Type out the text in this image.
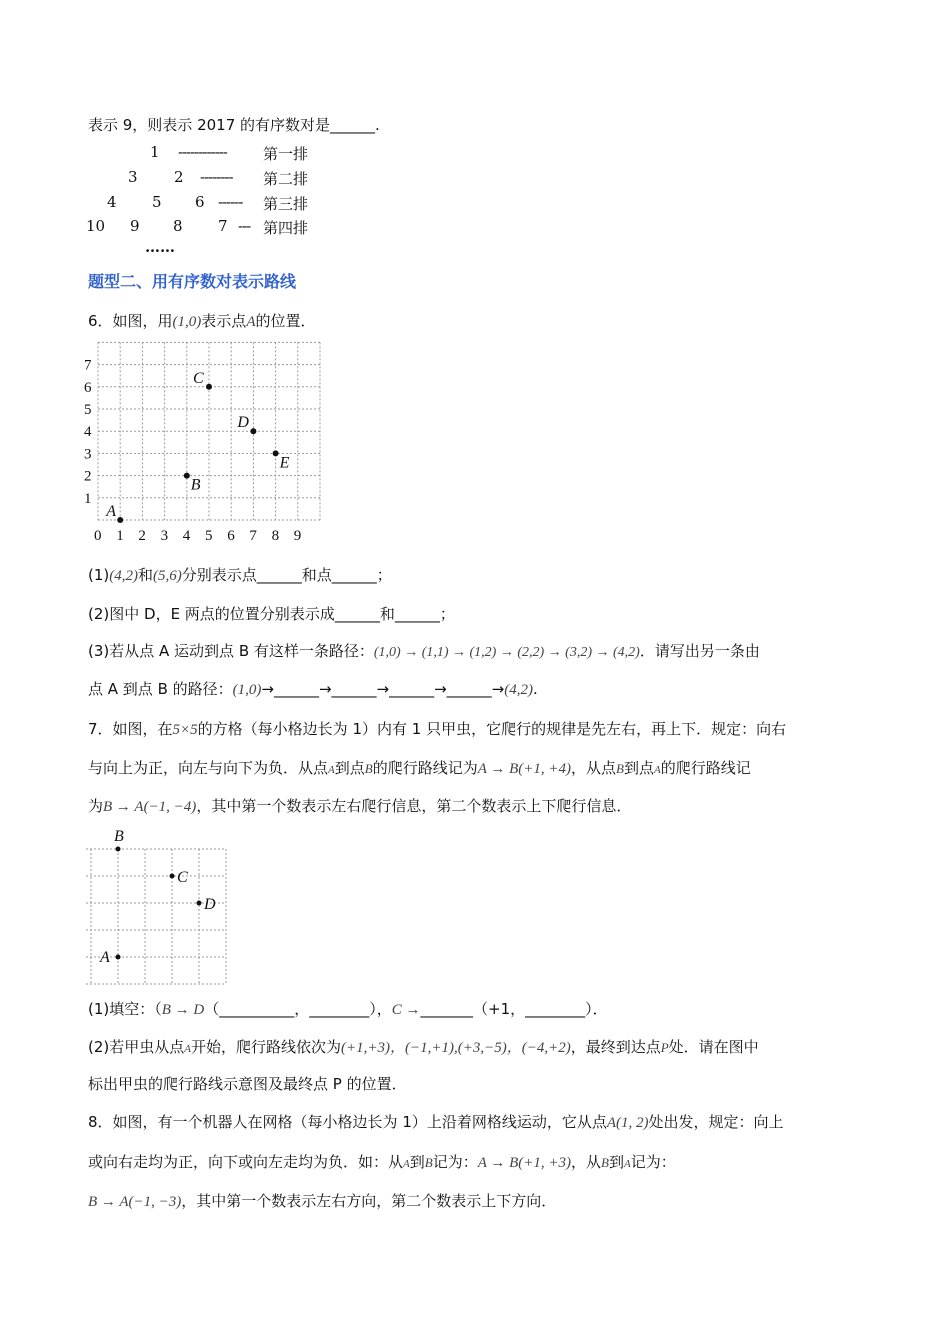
表示 9，则表示 2017 的有序数对是______.
1 ------------ 第一排
3 2 -------- 第二排
4 5 6 ------ 第三排
10 9 8 7 --- 第四排
……
题型二、用有序数对表示路线
6．如图，用(1,0)表示点A的位置．
0 1 2 3 4 5 6 7 8 9
1
2
3
4
5
6
7
A
B
C
D
E
(1)(4,2)和(5,6)分别表示点______和点______；
(2)图中 D，E 两点的位置分别表示成______和______；
(3)若从点 A 运动到点 B 有这样一条路径：(1,0) → (1,1) → (1,2) → (2,2) → (3,2) → (4,2)．请写出另一条由
点 A 到点 B 的路径：(1,0)→______→______→______→______→(4,2).
7．如图，在5×5的方格（每小格边长为 1）内有 1 只甲虫，它爬行的规律是先左右，再上下．规定：向右
与向上为正，向左与向下为负．从点A到点B的爬行路线记为A → B(+1, +4)，从点B到点A的爬行路线记
为B → A(−1, −4)，其中第一个数表示左右爬行信息，第二个数表示上下爬行信息．
A
B
C
D
(1)填空：（B → D（__________，________），C →_______（+1，________）．
(2)若甲虫从点A开始，爬行路线依次为(+1,+3)，(−1,+1),(+3,−5)，(−4,+2)，最终到达点P处．请在图中
标出甲虫的爬行路线示意图及最终点 P 的位置．
8．如图，有一个机器人在网格（每小格边长为 1）上沿着网格线运动，它从点A(1, 2)处出发，规定：向上
或向右走均为正，向下或向左走均为负．如：从A到B记为：A → B(+1, +3)，从B到A记为：
B → A(−1, −3)，其中第一个数表示左右方向，第二个数表示上下方向．
